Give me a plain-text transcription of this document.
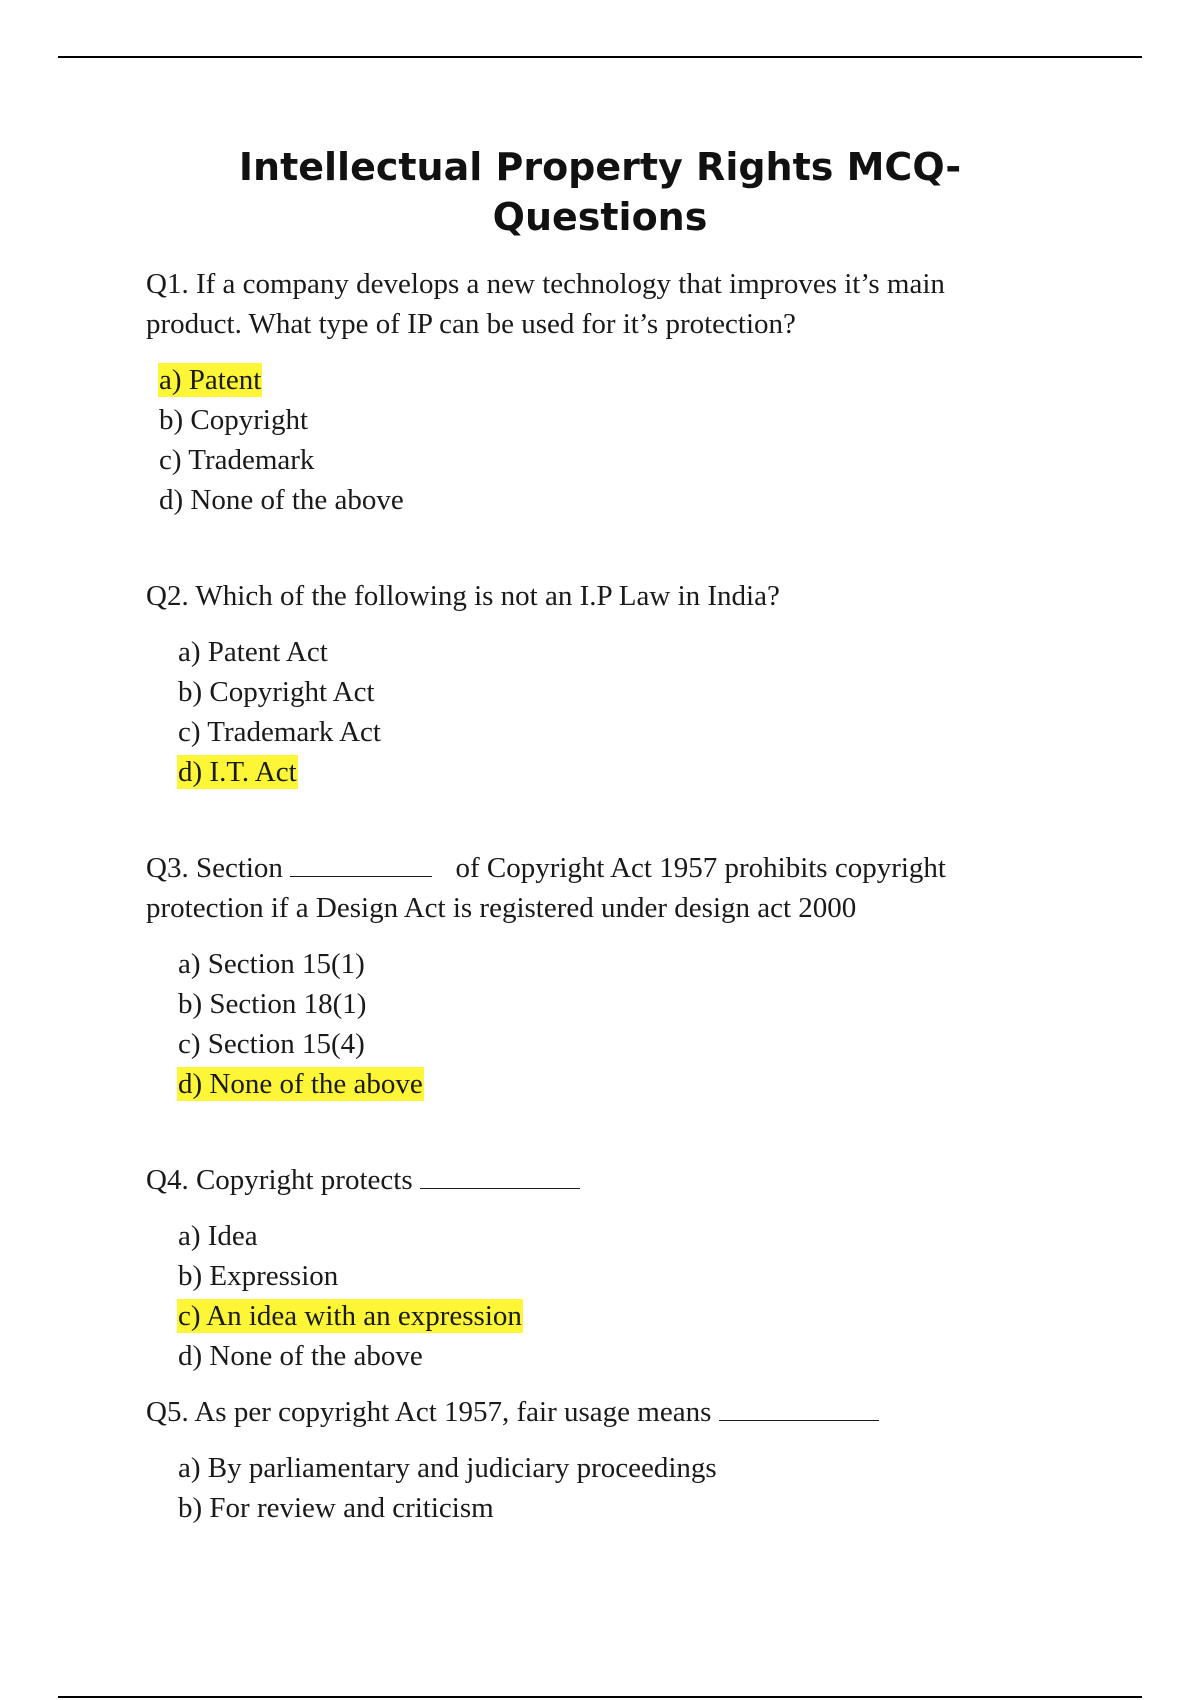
Intellectual Property Rights MCQ-
Questions
Q1. If a company develops a new technology that improves it’s main
product. What type of IP can be used for it’s protection?
a) Patent
b) Copyright
c) Trademark
d) None of the above
Q2. Which of the following is not an I.P Law in India?
a) Patent Act
b) Copyright Act
c) Trademark Act
d) I.T. Act
Q3. Section	of Copyright Act 1957 prohibits copyright
protection if a Design Act is registered under design act 2000
a) Section 15(1)
b) Section 18(1)
c) Section 15(4)
d) None of the above
Q4. Copyright protects
a) Idea
b) Expression
c) An idea with an expression
d) None of the above
Q5. As per copyright Act 1957, fair usage means
a) By parliamentary and judiciary proceedings
b) For review and criticism
